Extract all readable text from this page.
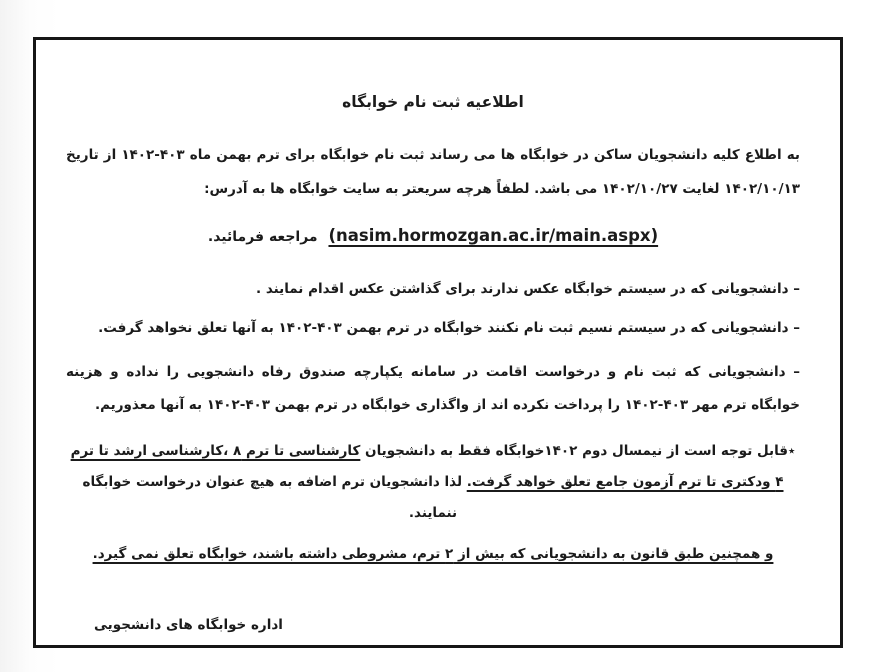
اطلاعیه ثبت نام خوابگاه

به اطلاع کلیه دانشجویان ساکن در خوابگاه ها می رساند ثبت نام خوابگاه برای ترم بهمن ماه ۴۰۳-۱۴۰۲ از تاریخ ۱۴۰۲/۱۰/۱۳ لغایت ۱۴۰۲/۱۰/۲۷ می باشد. لطفاً هرچه سریعتر به سایت خوابگاه ها به آدرس:

(nasim.hormozgan.ac.ir/main.aspx) مراجعه فرمائید.

– دانشجویانی که در سیستم خوابگاه عکس ندارند برای گذاشتن عکس اقدام نمایند .

– دانشجویانی که در سیستم نسیم ثبت نام نکنند خوابگاه در ترم بهمن ۴۰۳-۱۴۰۲ به آنها تعلق نخواهد گرفت.

– دانشجویانی که ثبت نام و درخواست اقامت در سامانه یکپارچه صندوق رفاه دانشجویی را نداده و هزینه خوابگاه ترم مهر ۴۰۳-۱۴۰۲ را پرداخت نکرده اند از واگذاری خوابگاه در ترم بهمن ۴۰۳-۱۴۰۲ به آنها معذوریم.

٭قابل توجه است از نیمسال دوم ۱۴۰۲خوابگاه فقط به دانشجویان کارشناسی تا ترم ۸ ،کارشناسی ارشد تا ترم ۴ ودکتری تا ترم آزمون جامع تعلق خواهد گرفت. لذا دانشجویان ترم اضافه به هیچ عنوان درخواست خوابگاه ننمایند.

و همچنین طبق قانون به دانشجویانی که بیش از ۲ ترم، مشروطی داشته باشند، خوابگاه تعلق نمی گیرد.

اداره خوابگاه های دانشجویی
